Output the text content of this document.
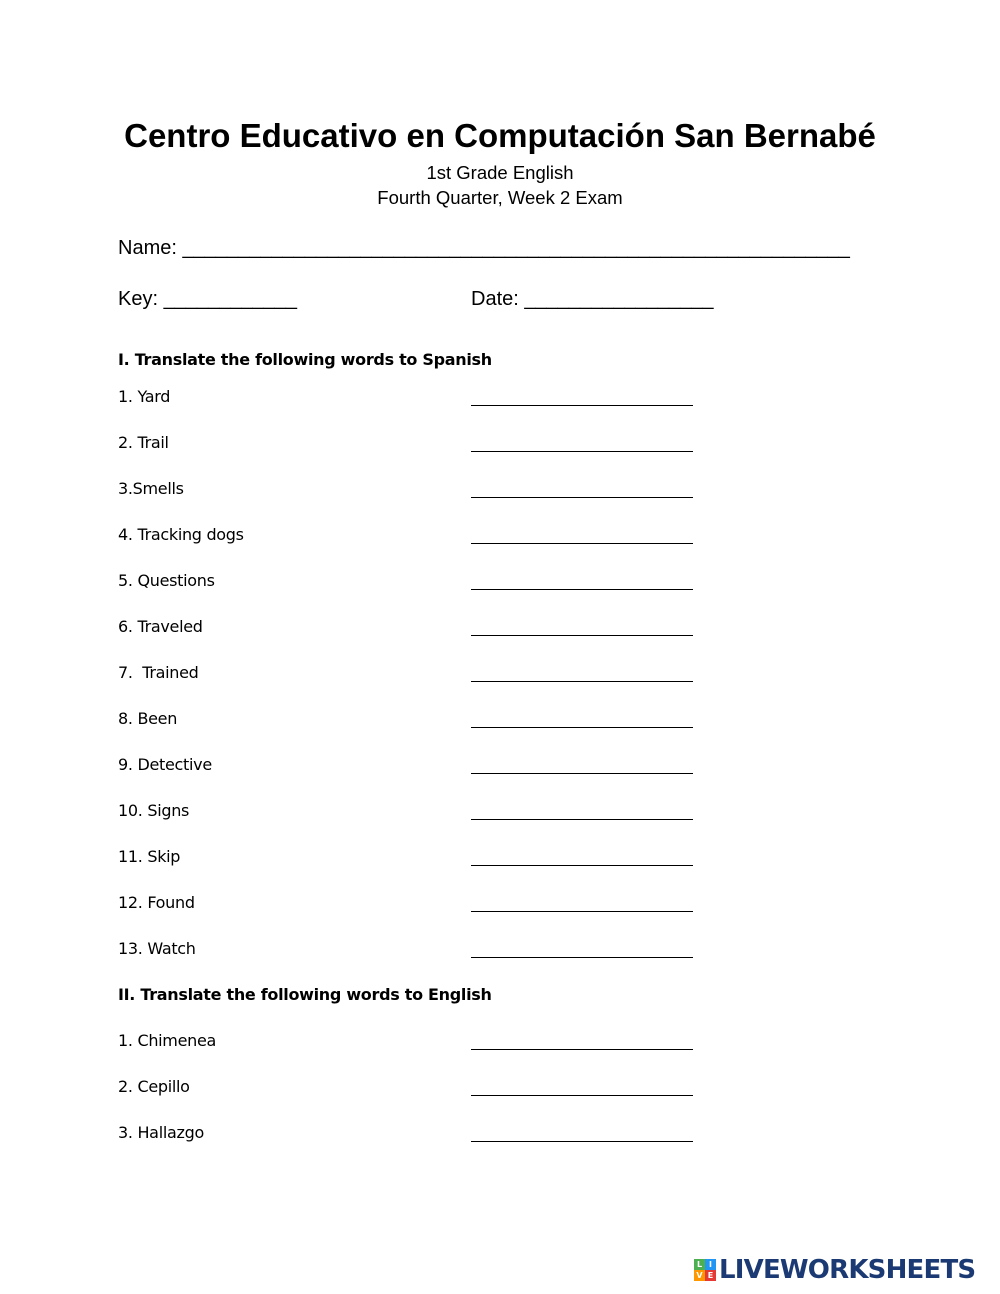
Centro Educativo en Computación San Bernabé
1st Grade English
Fourth Quarter, Week 2 Exam
Name: ____________________________________________________________
Key: ____________	Date: _________________
I. Translate the following words to Spanish
1. Yard
2. Trail
3.Smells
4. Tracking dogs
5. Questions
6. Traveled
7.  Trained
8. Been
9. Detective
10. Signs
11. Skip
12. Found
13. Watch
II. Translate the following words to English
1. Chimenea
2. Cepillo
3. Hallazgo
L I
V E LIVEWORKSHEETS
